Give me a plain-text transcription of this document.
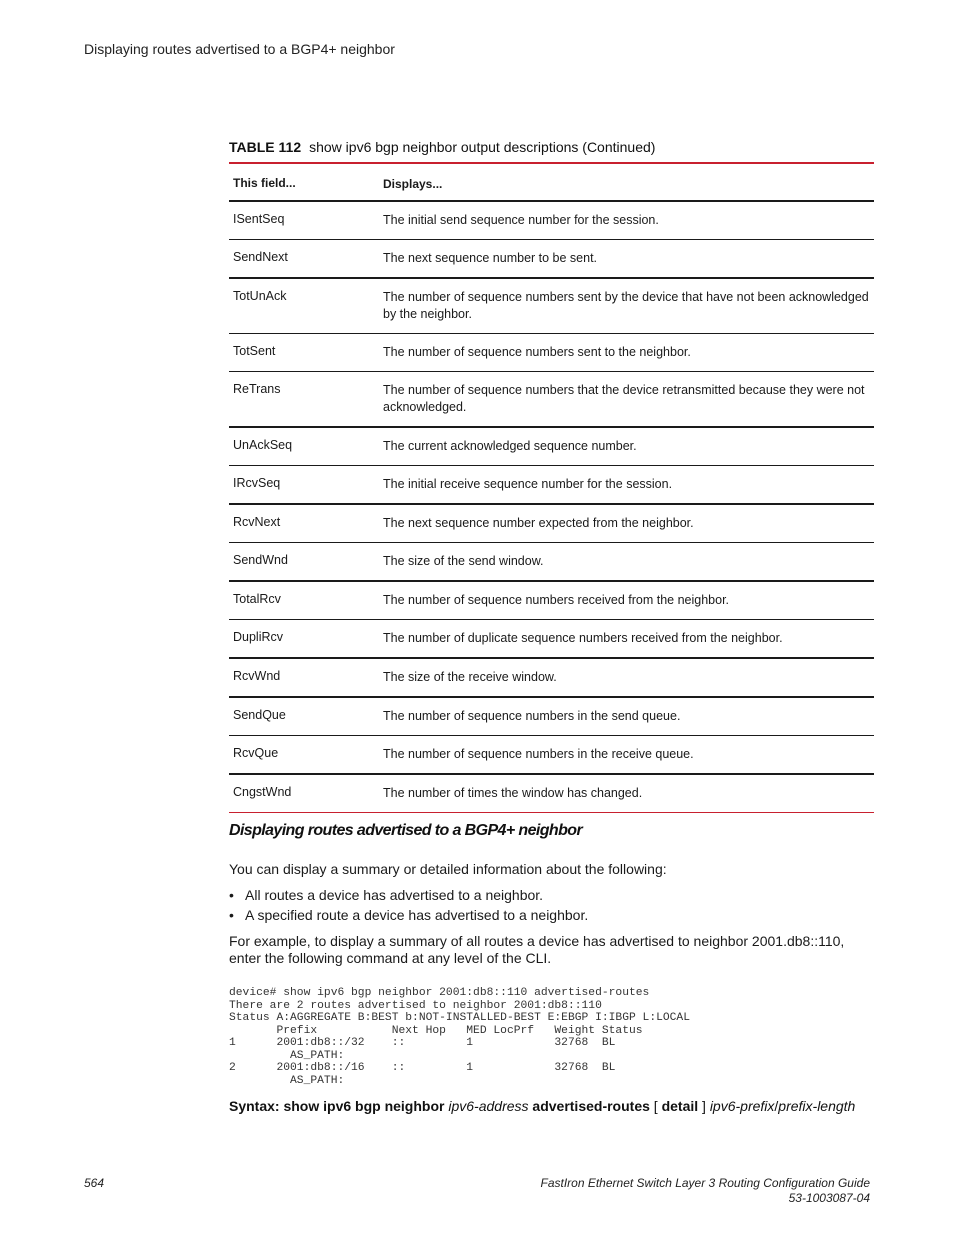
Displaying routes advertised to a BGP4+ neighbor
TABLE 112 show ipv6 bgp neighbor output descriptions (Continued)
This field...	Displays...
ISentSeq	The initial send sequence number for the session.
SendNext	The next sequence number to be sent.
TotUnAck	The number of sequence numbers sent by the device that have not been acknowledged by the neighbor.
TotSent	The number of sequence numbers sent to the neighbor.
ReTrans	The number of sequence numbers that the device retransmitted because they were not acknowledged.
UnAckSeq	The current acknowledged sequence number.
IRcvSeq	The initial receive sequence number for the session.
RcvNext	The next sequence number expected from the neighbor.
SendWnd	The size of the send window.
TotalRcv	The number of sequence numbers received from the neighbor.
DupliRcv	The number of duplicate sequence numbers received from the neighbor.
RcvWnd	The size of the receive window.
SendQue	The number of sequence numbers in the send queue.
RcvQue	The number of sequence numbers in the receive queue.
CngstWnd	The number of times the window has changed.
Displaying routes advertised to a BGP4+ neighbor
You can display a summary or detailed information about the following:
• All routes a device has advertised to a neighbor.
• A specified route a device has advertised to a neighbor.
For example, to display a summary of all routes a device has advertised to neighbor 2001.db8::110, enter the following command at any level of the CLI.
device# show ipv6 bgp neighbor 2001:db8::110 advertised-routes
There are 2 routes advertised to neighbor 2001:db8::110
Status A:AGGREGATE B:BEST b:NOT-INSTALLED-BEST E:EBGP I:IBGP L:LOCAL
Prefix           Next Hop   MED LocPrf   Weight Status
1      2001:db8::/32    ::         1            32768  BL
AS_PATH:
2      2001:db8::/16    ::         1            32768  BL
AS_PATH:
Syntax: show ipv6 bgp neighbor ipv6-address advertised-routes [ detail ] ipv6-prefix/prefix-length
564	FastIron Ethernet Switch Layer 3 Routing Configuration Guide
53-1003087-04
